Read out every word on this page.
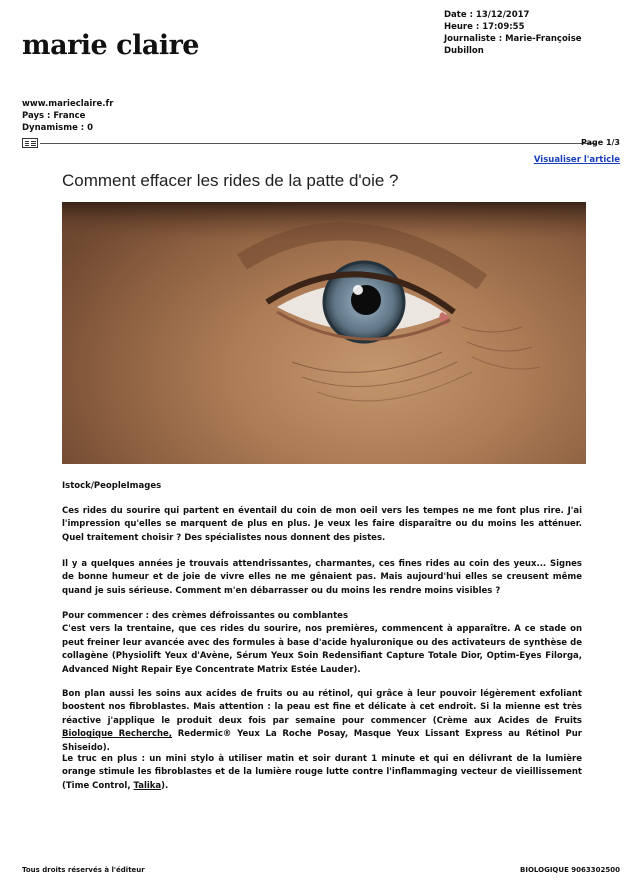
marie claire
Date : 13/12/2017
Heure : 17:09:55
Journaliste : Marie-Françoise Dubillon
www.marieclaire.fr
Pays : France
Dynamisme : 0
Page 1/3
Visualiser l'article
Comment effacer les rides de la patte d'oie ?
Istock/PeopleImages
Ces rides du sourire qui partent en éventail du coin de mon oeil vers les tempes ne me font plus rire. J'ai l'impression qu'elles se marquent de plus en plus. Je veux les faire disparaître ou du moins les atténuer. Quel traitement choisir ? Des spécialistes nous donnent des pistes.
Il y a quelques années je trouvais attendrissantes, charmantes, ces fines rides au coin des yeux... Signes de bonne humeur et de joie de vivre elles ne me gênaient pas. Mais aujourd'hui elles se creusent même quand je suis sérieuse. Comment m'en débarrasser ou du moins les rendre moins visibles ?
Pour commencer : des crèmes défroissantes ou comblantes
C'est vers la trentaine, que ces rides du sourire, nos premières, commencent à apparaître. A ce stade on peut freiner leur avancée avec des formules à base d'acide hyaluronique ou des activateurs de synthèse de collagène (Physiolift Yeux d'Avène, Sérum Yeux Soin Redensifiant Capture Totale Dior, Optim-Eyes Filorga, Advanced Night Repair Eye Concentrate Matrix Estée Lauder).
Bon plan aussi les soins aux acides de fruits ou au rétinol, qui grâce à leur pouvoir légèrement exfoliant boostent nos fibroblastes. Mais attention : la peau est fine et délicate à cet endroit. Si la mienne est très réactive j'applique le produit deux fois par semaine pour commencer (Crème aux Acides de Fruits Biologique Recherche, Redermic® Yeux La Roche Posay, Masque Yeux Lissant Express au Rétinol Pur Shiseido).
Le truc en plus : un mini stylo à utiliser matin et soir durant 1 minute et qui en délivrant de la lumière orange stimule les fibroblastes et de la lumière rouge lutte contre l'inflammaging vecteur de vieillissement (Time Control, Talika).
Tous droits réservés à l'éditeur	BIOLOGIQUE 9063302500
